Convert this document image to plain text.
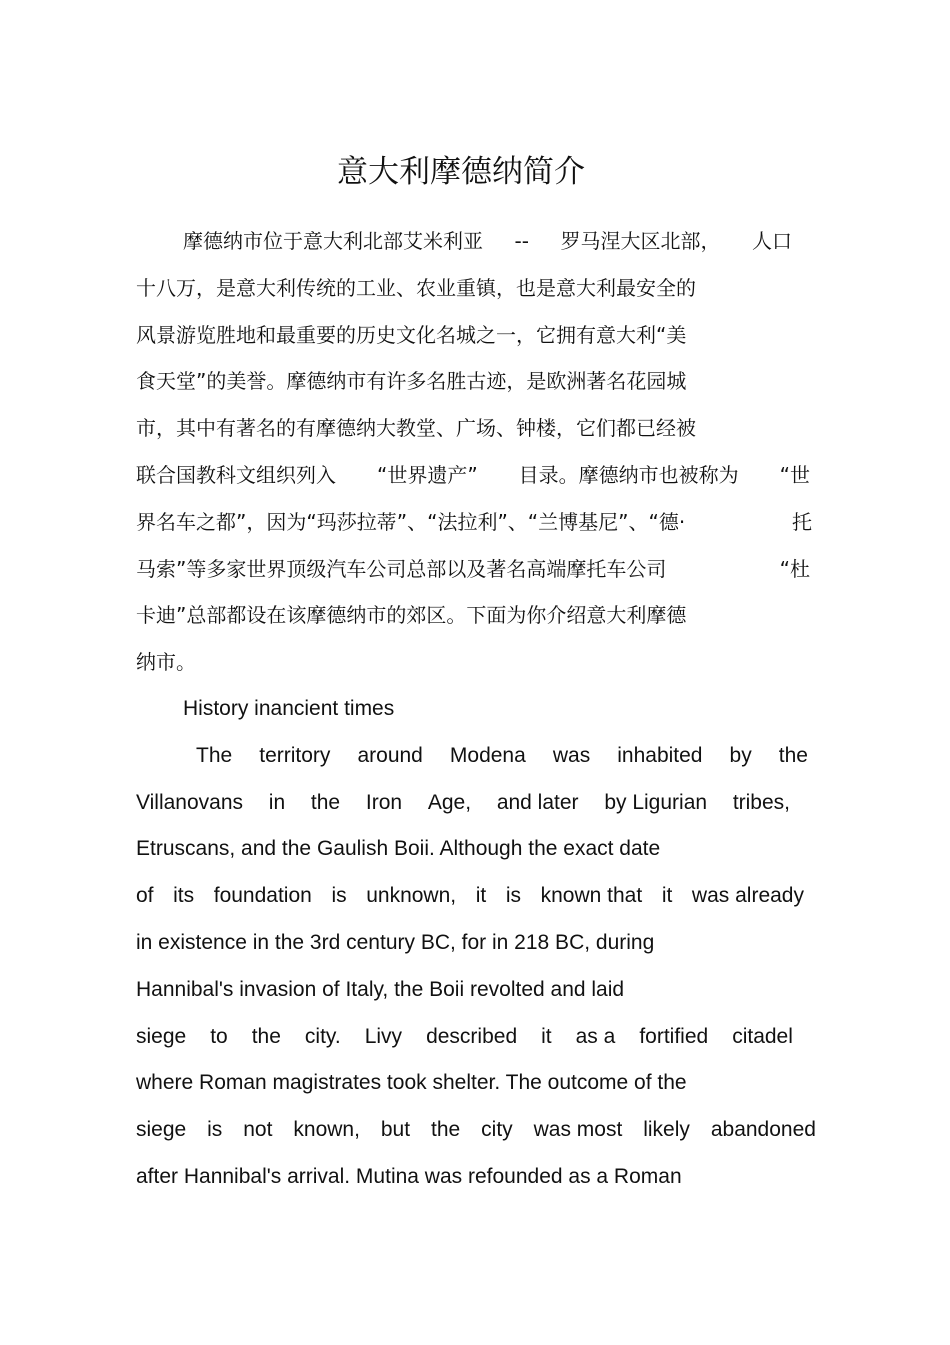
意大利摩德纳简介
摩德纳市位于意大利北部艾米利亚 -- 罗马涅大区北部， 人口
十八万，是意大利传统的工业、农业重镇，也是意大利最安全的
风景游览胜地和最重要的历史文化名城之一，它拥有意大利“美
食天堂”的美誉。摩德纳市有许多名胜古迹，是欧洲著名花园城
市，其中有著名的有摩德纳大教堂、广场、钟楼，它们都已经被
联合国教科文组织列入 “世界遗产” 目录。摩德纳市也被称为 “世
界名车之都”，因为“玛莎拉蒂”、“法拉利”、“兰博基尼”、“德·	托
马索”等多家世界顶级汽车公司总部以及著名高端摩托车公司	“杜
卡迪”总部都设在该摩德纳市的郊区。下面为你介绍意大利摩德
纳市。
History inancient times
The territory around Modena was inhabited by the
Villanovans in the Iron Age, and later by Ligurian tribes,
Etruscans, and the Gaulish Boii. Although the exact date
of its foundation is unknown, it is known that it was already
in existence in the 3rd century BC, for in 218 BC, during
Hannibal's invasion of Italy, the Boii revolted and laid
siege to the city. Livy described it as a fortified citadel
where Roman magistrates took shelter. The outcome of the
siege is not known, but the city was most likely abandoned
after Hannibal's arrival. Mutina was refounded as a Roman
